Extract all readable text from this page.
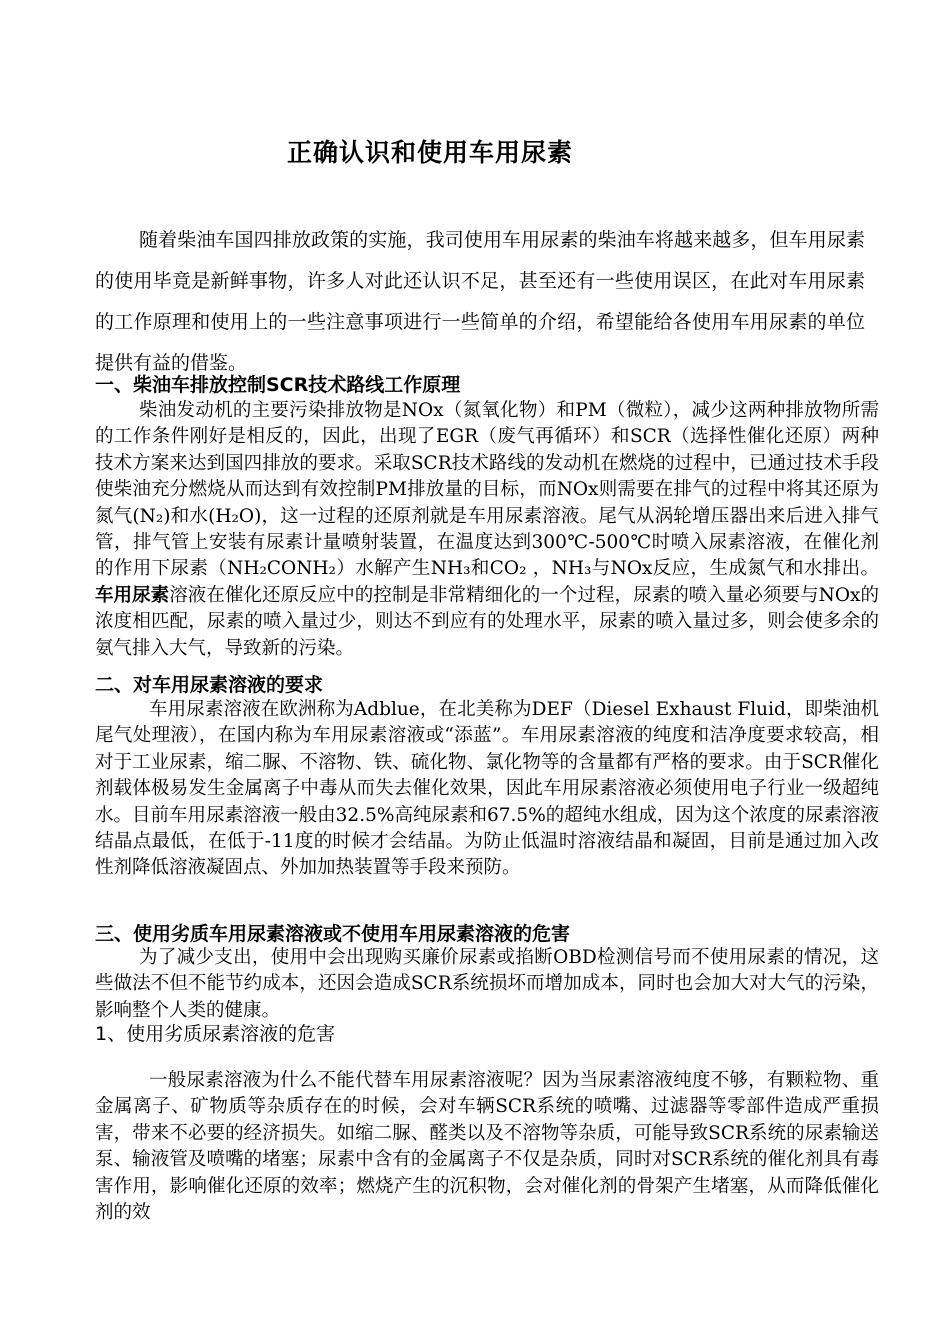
正确认识和使用车用尿素

随着柴油车国四排放政策的实施，我司使用车用尿素的柴油车将越来越多，但车用尿素的使用毕竟是新鲜事物，许多人对此还认识不足，甚至还有一些使用误区，在此对车用尿素的工作原理和使用上的一些注意事项进行一些简单的介绍，希望能给各使用车用尿素的单位提供有益的借鉴。

一、柴油车排放控制SCR技术路线工作原理

柴油发动机的主要污染排放物是NOx（氮氧化物）和PM（微粒），减少这两种排放物所需的工作条件刚好是相反的，因此，出现了EGR（废气再循环）和SCR（选择性催化还原）两种技术方案来达到国四排放的要求。采取SCR技术路线的发动机在燃烧的过程中，已通过技术手段使柴油充分燃烧从而达到有效控制PM排放量的目标，而NOx则需要在排气的过程中将其还原为氮气(N₂)和水(H₂O)，这一过程的还原剂就是车用尿素溶液。尾气从涡轮增压器出来后进入排气管，排气管上安装有尿素计量喷射装置，在温度达到300℃-500℃时喷入尿素溶液，在催化剂的作用下尿素（NH₂CONH₂）水解产生NH₃和CO₂ ，NH₃与NOx反应，生成氮气和水排出。车用尿素溶液在催化还原反应中的控制是非常精细化的一个过程，尿素的喷入量必须要与NOx的浓度相匹配，尿素的喷入量过少，则达不到应有的处理水平，尿素的喷入量过多，则会使多余的氨气排入大气，导致新的污染。

二、对车用尿素溶液的要求

车用尿素溶液在欧洲称为Adblue，在北美称为DEF（Diesel Exhaust Fluid，即柴油机尾气处理液），在国内称为车用尿素溶液或“添蓝”。车用尿素溶液的纯度和洁净度要求较高，相对于工业尿素，缩二脲、不溶物、铁、硫化物、氯化物等的含量都有严格的要求。由于SCR催化剂载体极易发生金属离子中毒从而失去催化效果，因此车用尿素溶液必须使用电子行业一级超纯水。目前车用尿素溶液一般由32.5%高纯尿素和67.5%的超纯水组成，因为这个浓度的尿素溶液结晶点最低，在低于-11度的时候才会结晶。为防止低温时溶液结晶和凝固，目前是通过加入改性剂降低溶液凝固点、外加加热装置等手段来预防。

三、使用劣质车用尿素溶液或不使用车用尿素溶液的危害

为了减少支出，使用中会出现购买廉价尿素或掐断OBD检测信号而不使用尿素的情况，这些做法不但不能节约成本，还因会造成SCR系统损坏而增加成本，同时也会加大对大气的污染，影响整个人类的健康。

1、使用劣质尿素溶液的危害

一般尿素溶液为什么不能代替车用尿素溶液呢？因为当尿素溶液纯度不够，有颗粒物、重金属离子、矿物质等杂质存在的时候，会对车辆SCR系统的喷嘴、过滤器等零部件造成严重损害，带来不必要的经济损失。如缩二脲、醛类以及不溶物等杂质，可能导致SCR系统的尿素输送泵、输液管及喷嘴的堵塞；尿素中含有的金属离子不仅是杂质，同时对SCR系统的催化剂具有毒害作用，影响催化还原的效率；燃烧产生的沉积物，会对催化剂的骨架产生堵塞，从而降低催化剂的效
